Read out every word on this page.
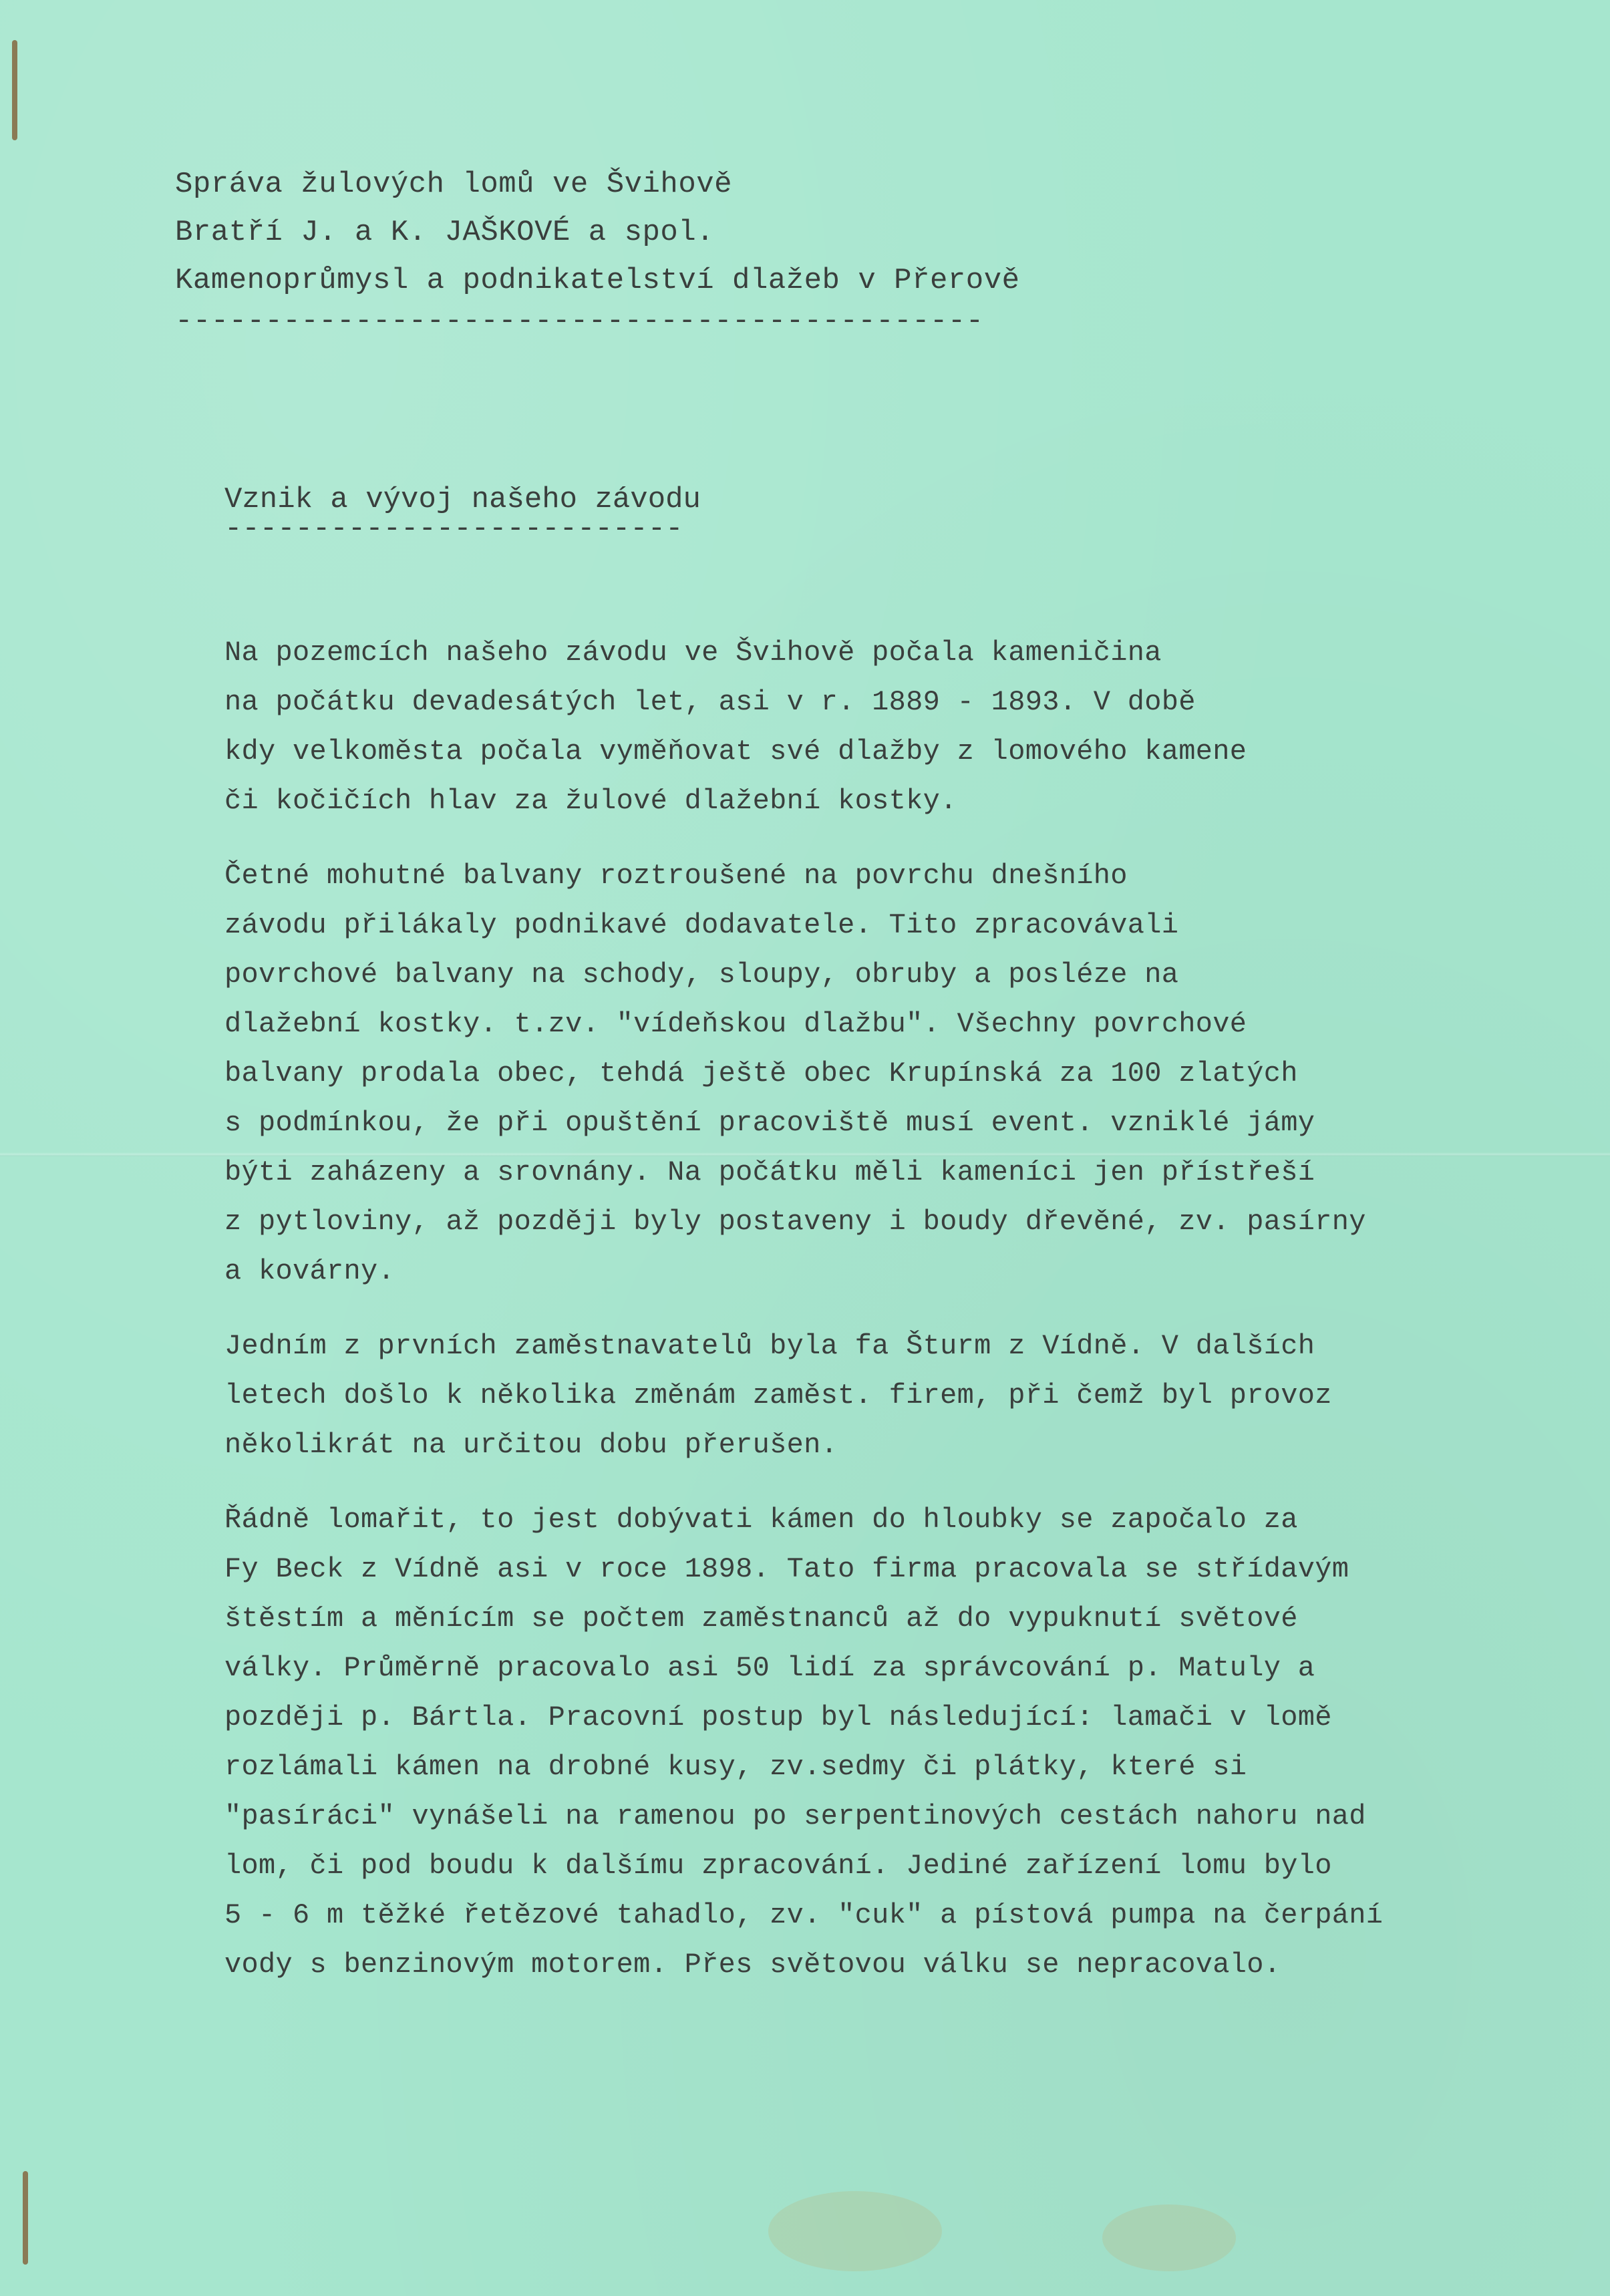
Správa žulových lomů ve Švihově
Bratří J. a K. JAŠKOVÉ a spol.
Kamenoprůmysl a podnikatelství dlažeb v Přerově
---------------------------------------------
Vznik a vývoj našeho závodu
--------------------------
Na pozemcích našeho závodu ve Švihově počala kameničina
na počátku devadesátých let, asi v r. 1889 - 1893. V době
kdy velkoměsta počala vyměňovat své dlažby z lomového kamene
či kočičích hlav za žulové dlažební kostky.
Četné mohutné balvany roztroušené na povrchu dnešního
závodu přilákaly podnikavé dodavatele. Tito zpracovávali
povrchové balvany na schody, sloupy, obruby a posléze na
dlažební kostky. t.zv. "vídeňskou dlažbu". Všechny povrchové
balvany prodala obec, tehdá ještě obec Krupínská za 100 zlatých
s podmínkou, že při opuštění pracoviště musí event. vzniklé jámy
býti zaházeny a srovnány. Na počátku měli kameníci jen přístřeší
z pytloviny, až později byly postaveny i boudy dřevěné, zv. pasírny
a kovárny.
Jedním z prvních zaměstnavatelů byla fa Šturm z Vídně. V dalších
letech došlo k několika změnám zaměst. firem, při čemž byl provoz
několikrát na určitou dobu přerušen.
Řádně lomařit, to jest dobývati kámen do hloubky se započalo za
Fy Beck z Vídně asi v roce 1898. Tato firma pracovala se střídavým
štěstím a měnícím se počtem zaměstnanců až do vypuknutí světové
války. Průměrně pracovalo asi 50 lidí za správcování p. Matuly a
později p. Bártla. Pracovní postup byl následující: lamači v lomě
rozlámali kámen na drobné kusy, zv.sedmy či plátky, které si
"pasíráci" vynášeli na ramenou po serpentinových cestách nahoru nad
lom, či pod boudu k dalšímu zpracování. Jediné zařízení lomu bylo
5 - 6 m těžké řetězové tahadlo, zv. "cuk" a pístová pumpa na čerpání
vody s benzinovým motorem. Přes světovou válku se nepracovalo.
